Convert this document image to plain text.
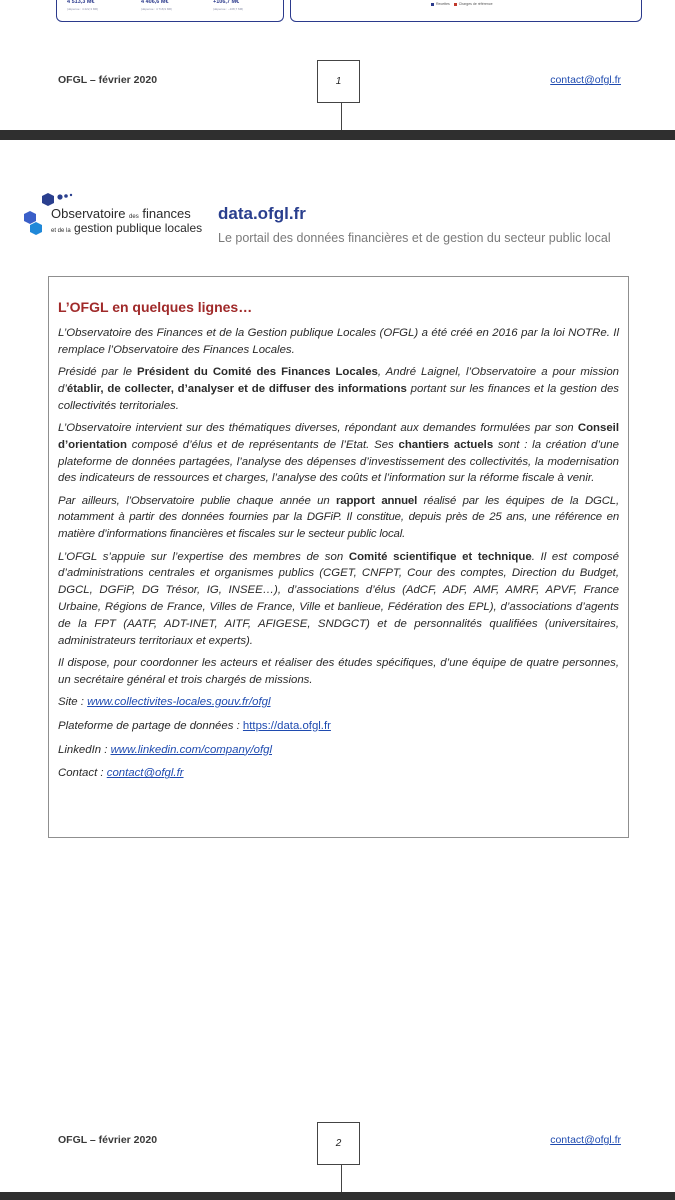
4 513,3 M€
(dépense : 4 222,3 M€)
4 406,6 M€
(dépense : 4 718,9 M€)
+106,7 M€
(dépense : –108,7 M€)
Recettes	Charges de référence
OFGL – février 2020	1	contact@ofgl.fr
Observatoire des finances
et de la gestion publique locales
data.ofgl.fr
Le portail des données financières et de gestion du secteur public local
L’OFGL en quelques lignes…

L’Observatoire des Finances et de la Gestion publique Locales (OFGL) a été créé en 2016 par la loi NOTRe. Il remplace l’Observatoire des Finances Locales.

Présidé par le Président du Comité des Finances Locales, André Laignel, l’Observatoire a pour mission d’établir, de collecter, d’analyser et de diffuser des informations portant sur les finances et la gestion des collectivités territoriales.

L’Observatoire intervient sur des thématiques diverses, répondant aux demandes formulées par son Conseil d’orientation composé d’élus et de représentants de l’Etat. Ses chantiers actuels sont : la création d’une plateforme de données partagées, l’analyse des dépenses d’investissement des collectivités, la modernisation des indicateurs de ressources et charges, l’analyse des coûts et l’information sur la réforme fiscale à venir.

Par ailleurs, l’Observatoire publie chaque année un rapport annuel réalisé par les équipes de la DGCL, notamment à partir des données fournies par la DGFiP. Il constitue, depuis près de 25 ans, une référence en matière d’informations financières et fiscales sur le secteur public local.

L’OFGL s’appuie sur l’expertise des membres de son Comité scientifique et technique. Il est composé d’administrations centrales et organismes publics (CGET, CNFPT, Cour des comptes, Direction du Budget, DGCL, DGFiP, DG Trésor, IG, INSEE…), d’associations d’élus (AdCF, ADF, AMF, AMRF, APVF, France Urbaine, Régions de France, Villes de France, Ville et banlieue, Fédération des EPL), d’associations d’agents de la FPT (AATF, ADT-INET, AITF, AFIGESE, SNDGCT) et de personnalités qualifiées (universitaires, administrateurs territoriaux et experts).

Il dispose, pour coordonner les acteurs et réaliser des études spécifiques, d’une équipe de quatre personnes, un secrétaire général et trois chargés de missions.

Site : www.collectivites-locales.gouv.fr/ofgl

Plateforme de partage de données : https://data.ofgl.fr

LinkedIn : www.linkedin.com/company/ofgl

Contact : contact@ofgl.fr

OFGL – février 2020	2	contact@ofgl.fr
